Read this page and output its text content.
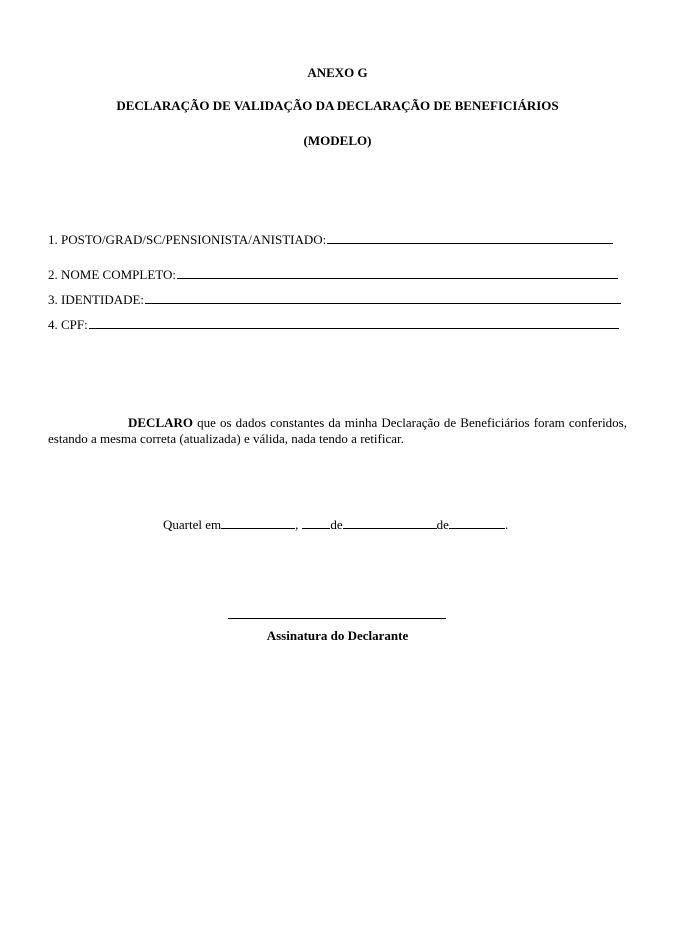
ANEXO G
DECLARAÇÃO DE VALIDAÇÃO DA DECLARAÇÃO DE BENEFICIÁRIOS
(MODELO)
1. POSTO/GRAD/SC/PENSIONISTA/ANISTIADO:
2. NOME COMPLETO:
3. IDENTIDADE:
4. CPF:
DECLARO que os dados constantes da minha Declaração de Beneficiários foram conferidos, estando a mesma correta (atualizada) e válida, nada tendo a retificar.
Quartel em	, de	de	.
Assinatura do Declarante
